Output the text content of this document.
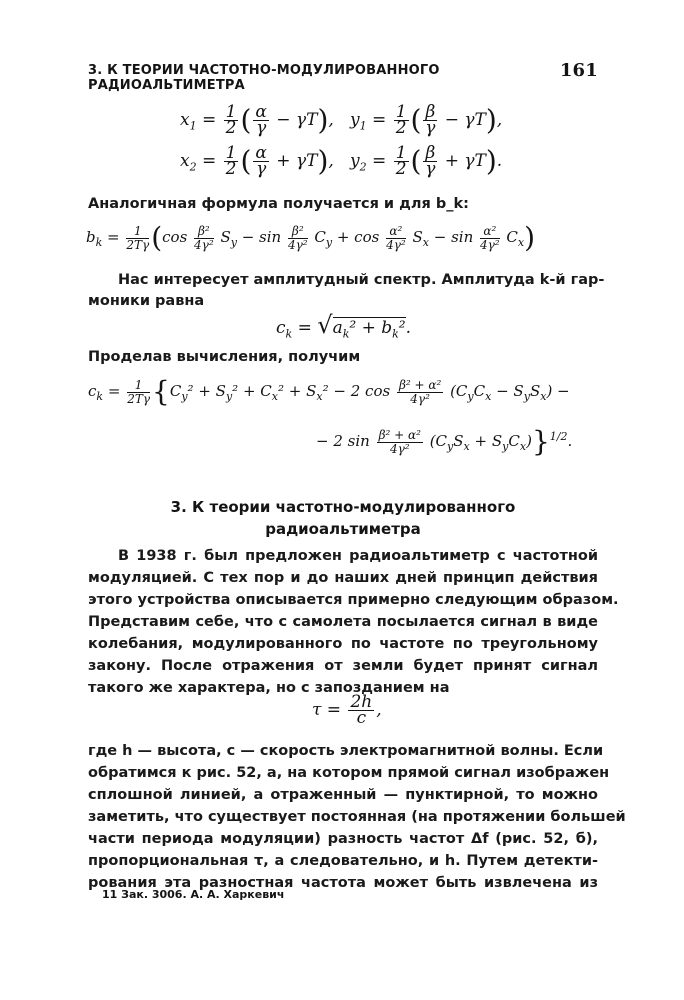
3. К ТЕОРИИ ЧАСТОТНО-МОДУЛИРОВАННОГО РАДИОАЛЬТИМЕТРА
161
$x_1 = \frac{1}{2}$ ( $\frac{\alpha}{\gamma} - \gamma T$),   $y_1 = \frac{1}{2}$ ( $\frac{\beta}{\gamma} - \gamma T$),
$x_2 = \frac{1}{2}$ ( $\frac{\alpha}{\gamma} + \gamma T$),   $y_2 = \frac{1}{2}$ ( $\frac{\beta}{\gamma} + \gamma T$).
Аналогичная формула получается и для b_k:
$b_k = \frac{1}{2T\gamma} (\cos \frac{\text{β²}}{\text{4γ²}} S_y - \sin \frac{\text{β²}}{\text{4γ²}} C_y + \cos \frac{\text{α²}}{\text{4γ²}} S_x - \sin \frac{\text{α²}}{\text{4γ²}} C_x)$
Нас интересует амплитудный спектр. Амплитуда k-й гар-
моники равна
$c_k = √a_k^2 + b_k^2$.
Проделав вычисления, получим
$c_k = \frac{1}{2T\gamma} \{C_y^2 + S_y^2 + C_x^2 + S_x^2 - 2$ $\cos \frac{\text{β² + α²}}{\text{4γ²}} (C_yC_x - S_yS_x)$ −
− 2 $\sin \frac{\text{β² + α²}}{\text{4γ²}} (C_yS_x + S_yC_x)\}^{1/2}$.
3. К теории частотно-модулированного
радиоальтиметра
В 1938 г. был предложен радиоальтиметр с частотной
модуляцией. С тех пор и до наших дней принцип действия
этого устройства описывается примерно следующим образом.
Представим себе, что с самолета посылается сигнал в виде
колебания, модулированного по частоте по треугольному
закону. После отражения от земли будет принят сигнал
такого же характера, но с запозданием на
$\tau = \frac{2h}{c}$ ,
где h — высота, c — скорость электромагнитной волны. Если
обратимся к рис. 52, а, на котором прямой сигнал изображен
сплошной линией, а отраженный — пунктирной, то можно
заметить, что существует постоянная (на протяжении большей
части периода модуляции) разность частот Δf (рис. 52, б),
пропорциональная τ, а следовательно, и h. Путем детекти-
рования эта разностная частота может быть извлечена из
11 Зак. 3006. А. А. Харкевич
